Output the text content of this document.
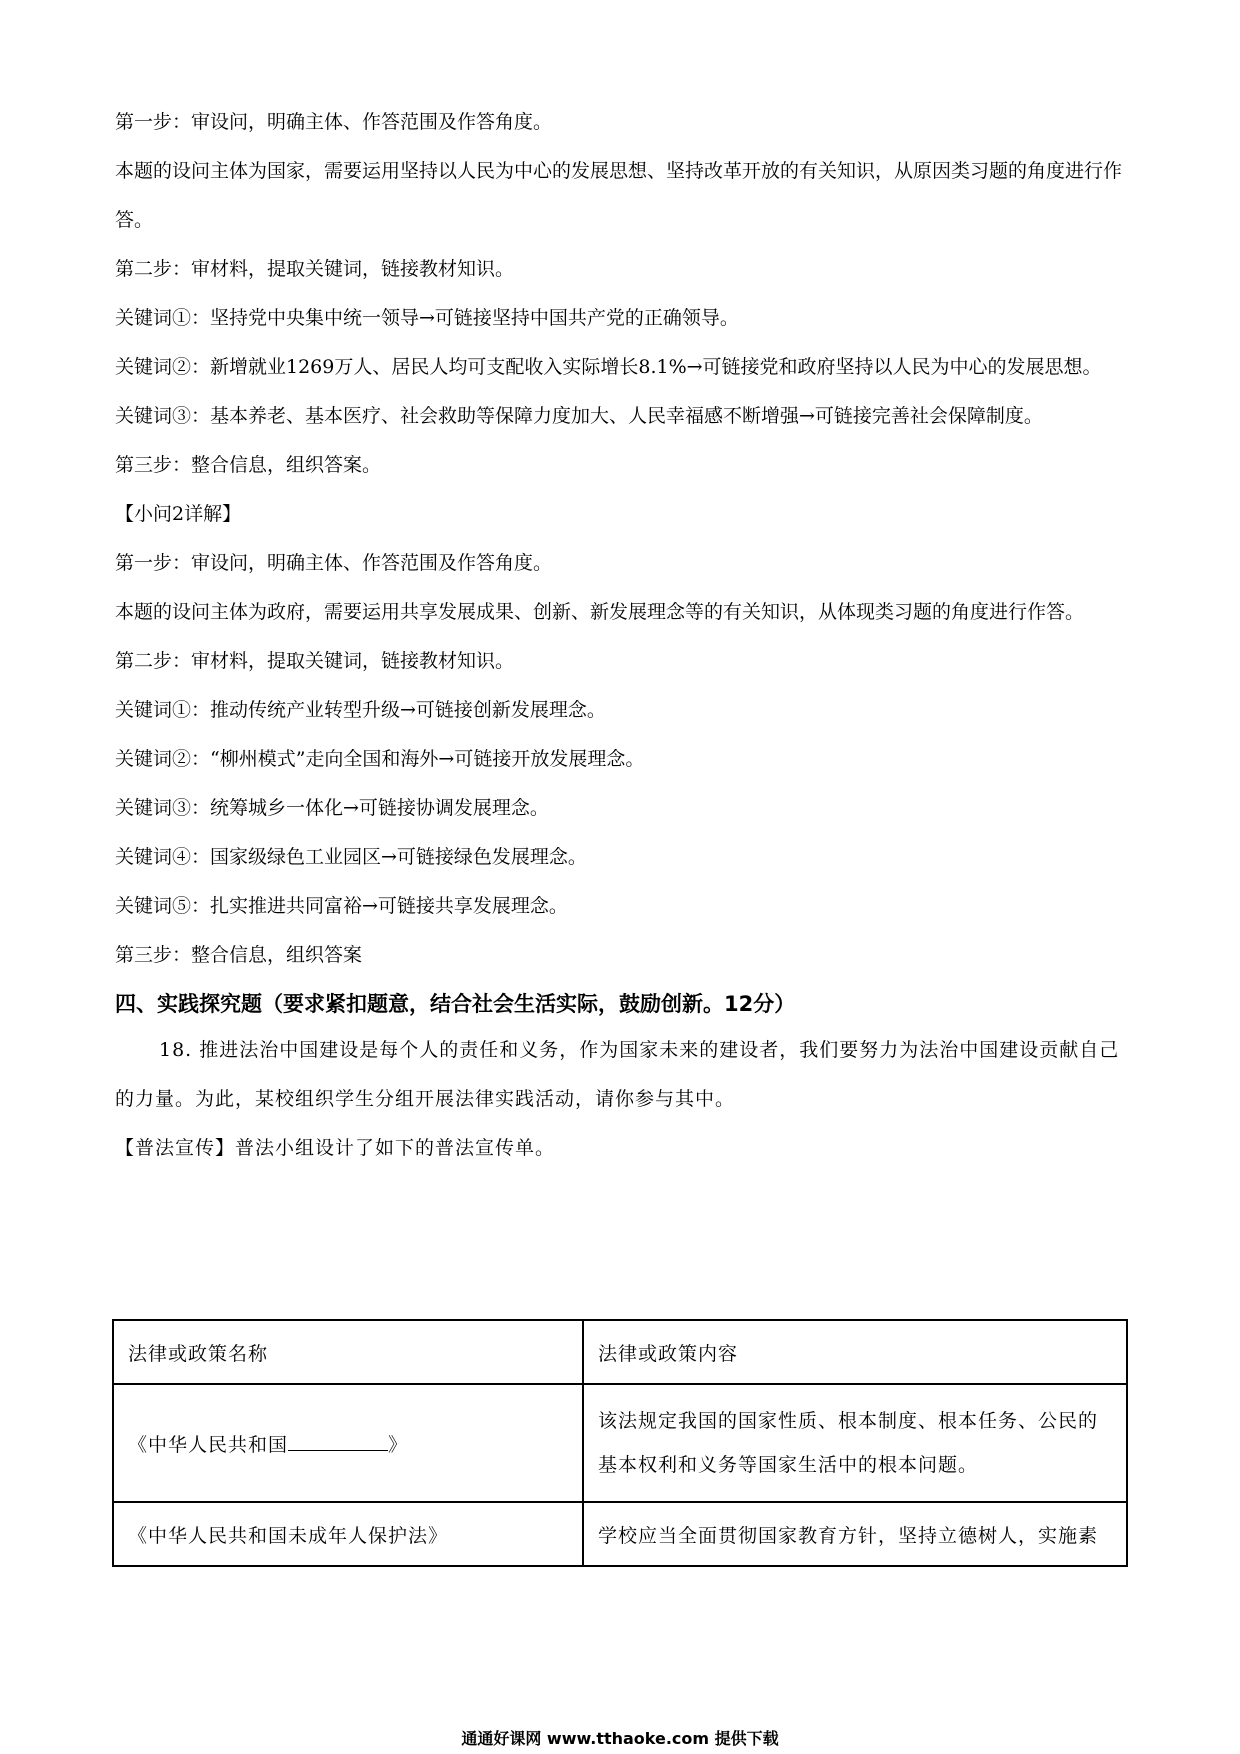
第一步：审设问，明确主体、作答范围及作答角度。

本题的设问主体为国家，需要运用坚持以人民为中心的发展思想、坚持改革开放的有关知识，从原因类习题的角度进行作答。

第二步：审材料，提取关键词，链接教材知识。

关键词①：坚持党中央集中统一领导→可链接坚持中国共产党的正确领导。

关键词②：新增就业1269万人、居民人均可支配收入实际增长8.1%→可链接党和政府坚持以人民为中心的发展思想。

关键词③：基本养老、基本医疗、社会救助等保障力度加大、人民幸福感不断增强→可链接完善社会保障制度。

第三步：整合信息，组织答案。

【小问2详解】

第一步：审设问，明确主体、作答范围及作答角度。

本题的设问主体为政府，需要运用共享发展成果、创新、新发展理念等的有关知识，从体现类习题的角度进行作答。

第二步：审材料，提取关键词，链接教材知识。

关键词①：推动传统产业转型升级→可链接创新发展理念。

关键词②：“柳州模式”走向全国和海外→可链接开放发展理念。

关键词③：统筹城乡一体化→可链接协调发展理念。

关键词④：国家级绿色工业园区→可链接绿色发展理念。

关键词⑤：扎实推进共同富裕→可链接共享发展理念。

第三步：整合信息，组织答案

四、实践探究题（要求紧扣题意，结合社会生活实际，鼓励创新。12分）

18. 推进法治中国建设是每个人的责任和义务，作为国家未来的建设者，我们要努力为法治中国建设贡献自己的力量。为此，某校组织学生分组开展法律实践活动，请你参与其中。

【普法宣传】普法小组设计了如下的普法宣传单。

法律或政策名称	法律或政策内容
《中华人民共和国 》	该法规定我国的国家性质、根本制度、根本任务、公民的基本权利和义务等国家生活中的根本问题。
《中华人民共和国未成年人保护法》	学校应当全面贯彻国家教育方针，坚持立德树人，实施素
通通好课网 www.tthaoke.com 提供下载
